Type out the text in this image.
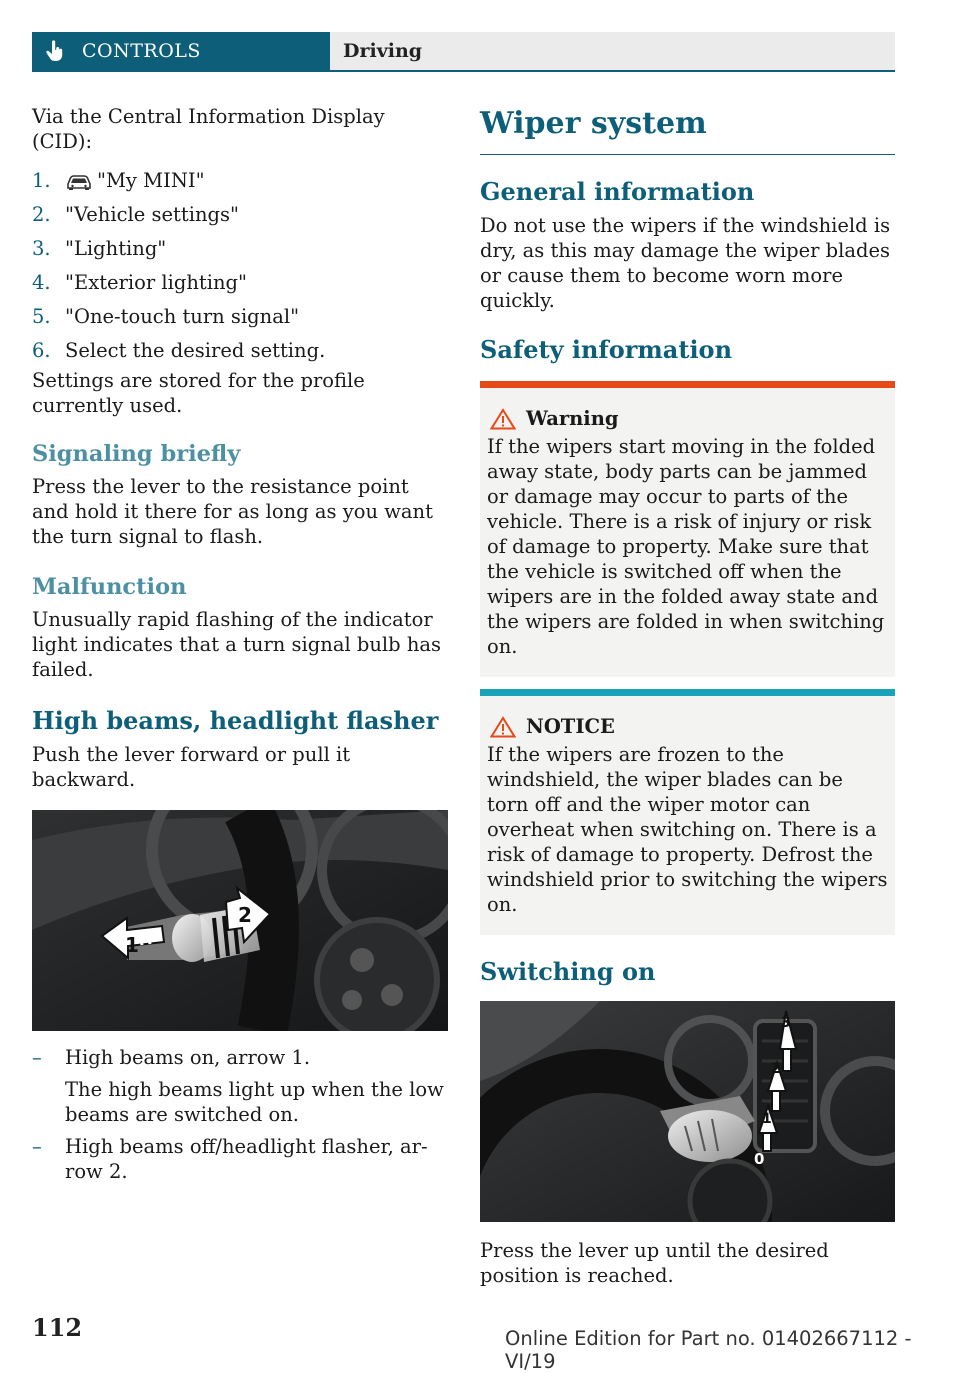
CONTROLS	Driving

Via the Central Information Display (CID):

1. "My MINI"
2. "Vehicle settings"
3. "Lighting"
4. "Exterior lighting"
5. "One-touch turn signal"
6. Select the desired setting.

Settings are stored for the profile currently used.

Signaling briefly

Press the lever to the resistance point and hold it there for as long as you want the turn signal to flash.

Malfunction

Unusually rapid flashing of the indicator light indicates that a turn signal bulb has failed.

High beams, headlight flasher

Push the lever forward or pull it backward.

1
2
– High beams on, arrow 1.

The high beams light up when the low beams are switched on.

– High beams off/headlight flasher, ar- row 2.

Wiper system
General information

Do not use the wipers if the windshield is dry, as this may damage the wiper blades or cause them to become worn more quickly.

Safety information
Warning

If the wipers start moving in the folded away state, body parts can be jammed or damage may occur to parts of the vehicle. There is a risk of injury or risk of damage to property. Make sure that the vehicle is switched off when the wipers are in the folded away state and the wipers are folded in when switching on.

NOTICE

If the wipers are frozen to the windshield, the wiper blades can be torn off and the wiper motor can overheat when switching on. There is a risk of damage to property. Defrost the windshield prior to switching the wipers on.

Switching on
3
2
1
0

Press the lever up until the desired position is reached.

112	Online Edition for Part no. 01402667112 - VI/19
